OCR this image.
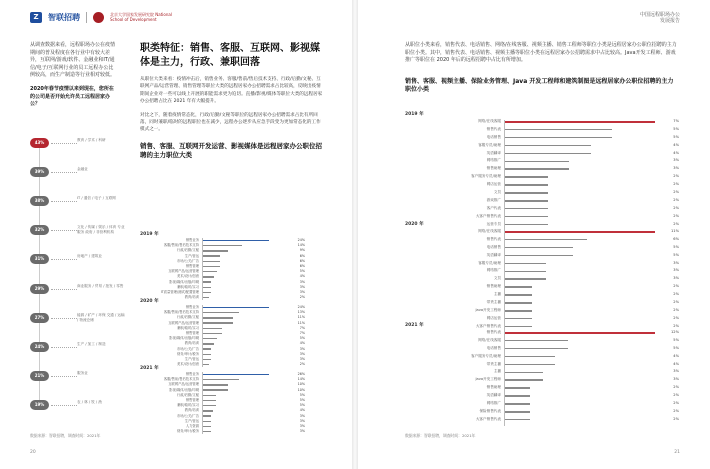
Z	智联招聘	北京大学国家发展研究院 National School of Development
从调查数据来看，远程职场办公在疫情期间的普及程度在各行业中有较大差异，互联网/游戏/软件、金融业和IT/通信/电子/互联网行业的员工远程办公比例较高，而生产制造等行业相对较低。
2020年春节疫情以来到现在，您所在的公司是否开始允许员工远程居家办公？
43%	教育 / 学术 / 科研
39%	金融业
38%	IT / 通信 / 电子 / 互联网
32%	文化 / 传媒 / 娱乐 / 体育 专业服务 政府 / 非营利机构
31%	房地产 / 建筑业
29%	商业服务 / 贸易 / 批发 / 零售
27%	能源 / 矿产 / 环保 交通 / 运输 / 物流仓储
24%	生产 / 加工 / 制造
21%	服务业
19%	农 / 林 / 牧 / 渔
职类特征：销售、客服、互联网、影视媒体是主力，行政、兼职回落
从职位大类来看：疫情冲击后，销售业务、客服/售前/售后技术支持、行政/后勤/文秘、互联网产品/运营管理、销售管理等职位大类的远程居家办公招聘需求占比较高，反映出疫情期间企业对一些可以线上开展的职能需求更为迫切。直播/影视/媒体等职位大类的远程居家办公招聘占比在 2021 年有大幅提升。
对比之下，随着疫情常态化，行政/后勤/文秘等职位的远程居家办公招聘需求占比有所回落，同时兼职/临时的远程职位也在减少，远程办公逐步从应急手段变为更加常态化的工作模式之一。
销售、客服、互联网开发运营、影视媒体是远程居家办公职位招聘的主力职位大类
2019 年
销售业务	24%
客服/售前/售后技术支持	14%
行政/后勤/文秘	9%
生产/营运	6%
市场/公关/广告	6%
销售管理	6%
互联网产品/运营管理	5%
美术/设计/创意	4%
影视/媒体/出版/印刷	3%
兼职/临时/实习	3%
IT质量管理/测试/配置管理	3%
教育/培训	2%
2020 年
销售业务	24%
客服/售前/售后技术支持	13%
行政/后勤/文秘	11%
互联网产品/运营管理	11%
兼职/临时/实习	7%
销售管理	7%
影视/媒体/出版/印刷	5%
教育/培训	4%
市场/公关/广告	3%
财务/审计/税务	3%
生产/营运	3%
美术/设计/创意	2%
2021 年
销售业务	26%
客服/售前/售后技术支持	14%
互联网产品/运营管理	10%
影视/媒体/出版/印刷	10%
行政/后勤/文秘	5%
销售管理	5%
兼职/临时/实习	5%
教育/培训	4%
市场/公关/广告	3%
生产/营运	3%
人力资源	3%
财务/审计/税务	3%
数据来源：智联招聘，调查时间：2021年
20
中国远程职场办公
发展报告
21
从职位小类来看，销售代表、电话销售、网络/在线客服、视频主播、销售工程师等职位小类是远程居家办公职位招聘的主力职位小类。其中，销售代表、电话销售、视频主播等职位小类在远程居家办公招聘需求中占比较高。Java开发工程师、游戏推广等职位在 2020 年后的远程招聘中占比有所增加。
销售、客服、视频主播、保险业务管理、Java 开发工程师和建筑制图是远程居家办公职位招聘的主力职位小类
2019 年
网络/在线客服	7%
销售代表	5%
电话销售	5%
客服专员/助理	4%
英语翻译	4%
网络推广	3%
销售助理	3%
客户服务专员/助理	2%
网店运营	2%
文员	2%
游戏推广	2%
客户代表	2%
大客户销售代表	2%
运营专员	2%
2020 年
网络/在线客服	11%
销售代表	6%
电话销售	5%
英语翻译	5%
客服专员/助理	3%
网络推广	3%
文员	3%
销售助理	2%
主播	2%
带货主播	2%
Java开发工程师	2%
网店运营	2%
大客户销售代表	2%
2021 年
销售代表	12%
网络/在线客服	5%
电话销售	5%
客户服务专员/助理	4%
带货主播	4%
主播	3%
Java开发工程师	3%
销售助理	2%
英语翻译	2%
网络推广	2%
保险销售代表	2%
大客户销售代表	2%
数据来源：智联招聘，调查时间：2021年
